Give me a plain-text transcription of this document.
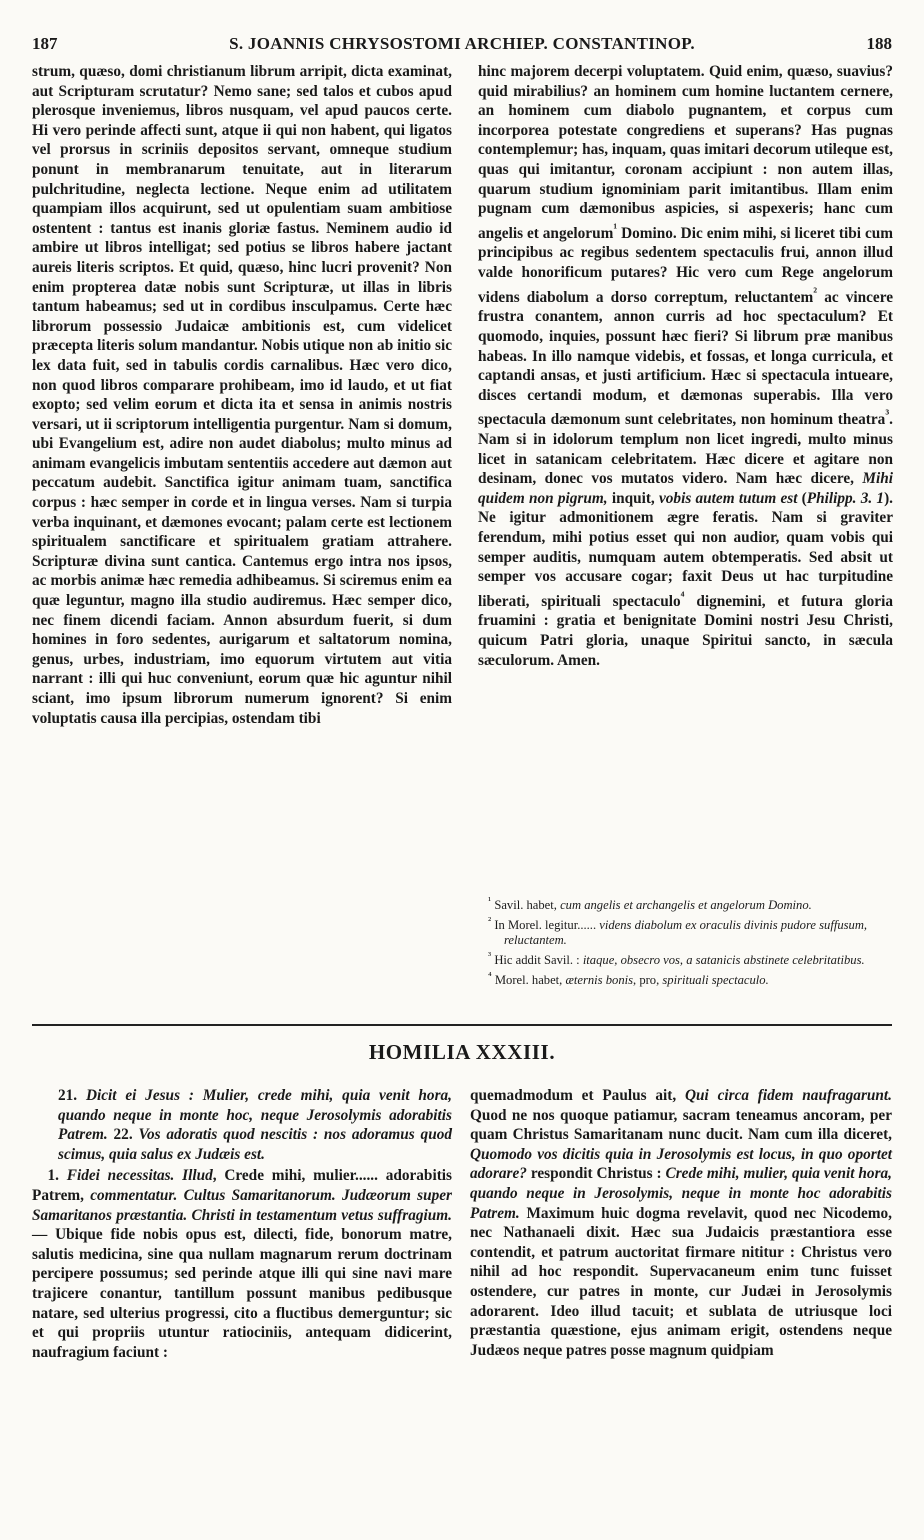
187	S. JOANNIS CHRYSOSTOMI ARCHIEP. CONSTANTINOP.	188

strum, quæso, domi christianum librum arripit, dicta examinat, aut Scripturam scrutatur? Nemo sane; sed talos et cubos apud plerosque inveniemus, libros nusquam, vel apud paucos certe. Hi vero perinde affecti sunt, atque ii qui non habent, qui ligatos vel prorsus in scriniis depositos servant, omneque studium ponunt in membranarum tenuitate, aut in literarum pulchritudine, neglecta lectione. Neque enim ad utilitatem quampiam illos acquirunt, sed ut opulentiam suam ambitiose ostentent : tantus est inanis gloriæ fastus. Neminem audio id ambire ut libros intelligat; sed potius se libros habere jactant aureis literis scriptos. Et quid, quæso, hinc lucri provenit? Non enim propterea datæ nobis sunt Scripturæ, ut illas in libris tantum habeamus; sed ut in cordibus insculpamus. Certe hæc librorum possessio Judaicæ ambitionis est, cum videlicet præcepta literis solum mandantur. Nobis utique non ab initio sic lex data fuit, sed in tabulis cordis carnalibus. Hæc vero dico, non quod libros comparare prohibeam, imo id laudo, et ut fiat exopto; sed velim eorum et dicta ita et sensa in animis nostris versari, ut ii scriptorum intelligentia purgentur. Nam si domum, ubi Evangelium est, adire non audet diabolus; multo minus ad animam evangelicis imbutam sententiis accedere aut dæmon aut peccatum audebit. Sanctifica igitur animam tuam, sanctifica corpus : hæc semper in corde et in lingua verses. Nam si turpia verba inquinant, et dæmones evocant; palam certe est lectionem spiritualem sanctificare et spiritualem gratiam attrahere. Scripturæ divina sunt cantica. Cantemus ergo intra nos ipsos, ac morbis animæ hæc remedia adhibeamus. Si sciremus enim ea quæ leguntur, magno illa studio audiremus. Hæc semper dico, nec finem dicendi faciam. Annon absurdum fuerit, si dum homines in foro sedentes, aurigarum et saltatorum nomina, genus, urbes, industriam, imo equorum virtutem aut vitia narrant : illi qui huc conveniunt, eorum quæ hic aguntur nihil sciant, imo ipsum librorum numerum ignorent? Si enim voluptatis causa illa percipias, ostendam tibi

hinc majorem decerpi voluptatem. Quid enim, quæso, suavius? quid mirabilius? an hominem cum homine luctantem cernere, an hominem cum diabolo pugnantem, et corpus cum incorporea potestate congrediens et superans? Has pugnas contemplemur; has, inquam, quas imitari decorum utileque est, quas qui imitantur, coronam accipiunt : non autem illas, quarum studium ignominiam parit imitantibus. Illam enim pugnam cum dæmonibus aspicies, si aspexeris; hanc cum angelis et angelorum$^{^1}$ Domino. Dic enim mihi, si liceret tibi cum principibus ac regibus sedentem spectaculis frui, annon illud valde honorificum putares? Hic vero cum Rege angelorum videns diabolum a dorso correptum, reluctantem$^{^2}$ ac vincere frustra conantem, annon curris ad hoc spectaculum? Et quomodo, inquies, possunt hæc fieri? Si librum præ manibus habeas. In illo namque videbis, et fossas, et longa curricula, et captandi ansas, et justi artificium. Hæc si spectacula intueare, disces certandi modum, et dæmonas superabis. Illa vero spectacula dæmonum sunt celebritates, non hominum theatra$^{^3}$. Nam si in idolorum templum non licet ingredi, multo minus licet in satanicam celebritatem. Hæc dicere et agitare non desinam, donec vos mutatos videro. Nam hæc dicere, Mihi quidem non pigrum, inquit, vobis autem tutum est (Philipp. 3. 1). Ne igitur admonitionem ægre feratis. Nam si graviter ferendum, mihi potius esset qui non audior, quam vobis qui semper auditis, numquam autem obtemperatis. Sed absit ut semper vos accusare cogar; faxit Deus ut hac turpitudine liberati, spirituali spectaculo$^{^4}$ dignemini, et futura gloria fruamini : gratia et benignitate Domini nostri Jesu Christi, quicum Patri gloria, unaque Spiritui sancto, in sæcula sæculorum. Amen.

$^{^1}$ Savil. habet, cum angelis et archangelis et angelorum Domino.

$^{^2}$ In Morel. legitur...... videns diabolum ex oraculis divinis pudore suffusum, reluctantem.

$^{^3}$ Hic addit Savil. : itaque, obsecro vos, a satanicis abstinete celebritatibus.

$^{^4}$ Morel. habet, æternis bonis, pro, spirituali spectaculo.

HOMILIA XXXIII.

21. Dicit ei Jesus : Mulier, crede mihi, quia venit hora, quando neque in monte hoc, neque Jerosolymis adorabitis Patrem. 22. Vos adoratis quod nescitis : nos adoramus quod scimus, quia salus ex Judæis est.

1. Fidei necessitas. Illud, Crede mihi, mulier...... adorabitis Patrem, commentatur. Cultus Samaritanorum. Judæorum super Samaritanos præstantia. Christi in testamentum vetus suffragium. — Ubique fide nobis opus est, dilecti, fide, bonorum matre, salutis medicina, sine qua nullam magnarum rerum doctrinam percipere possumus; sed perinde atque illi qui sine navi mare trajicere conantur, tantillum possunt manibus pedibusque natare, sed ulterius progressi, cito a fluctibus demerguntur; sic et qui propriis utuntur ratiociniis, antequam didicerint, naufragium faciunt :

quemadmodum et Paulus ait, Qui circa fidem naufragarunt. Quod ne nos quoque patiamur, sacram teneamus ancoram, per quam Christus Samaritanam nunc ducit. Nam cum illa diceret, Quomodo vos dicitis quia in Jerosolymis est locus, in quo oportet adorare? respondit Christus : Crede mihi, mulier, quia venit hora, quando neque in Jerosolymis, neque in monte hoc adorabitis Patrem. Maximum huic dogma revelavit, quod nec Nicodemo, nec Nathanaeli dixit. Hæc sua Judaicis præstantiora esse contendit, et patrum auctoritat firmare nititur : Christus vero nihil ad hoc respondit. Supervacaneum enim tunc fuisset ostendere, cur patres in monte, cur Judæi in Jerosolymis adorarent. Ideo illud tacuit; et sublata de utriusque loci præstantia quæstione, ejus animam erigit, ostendens neque Judæos neque patres posse magnum quidpiam
